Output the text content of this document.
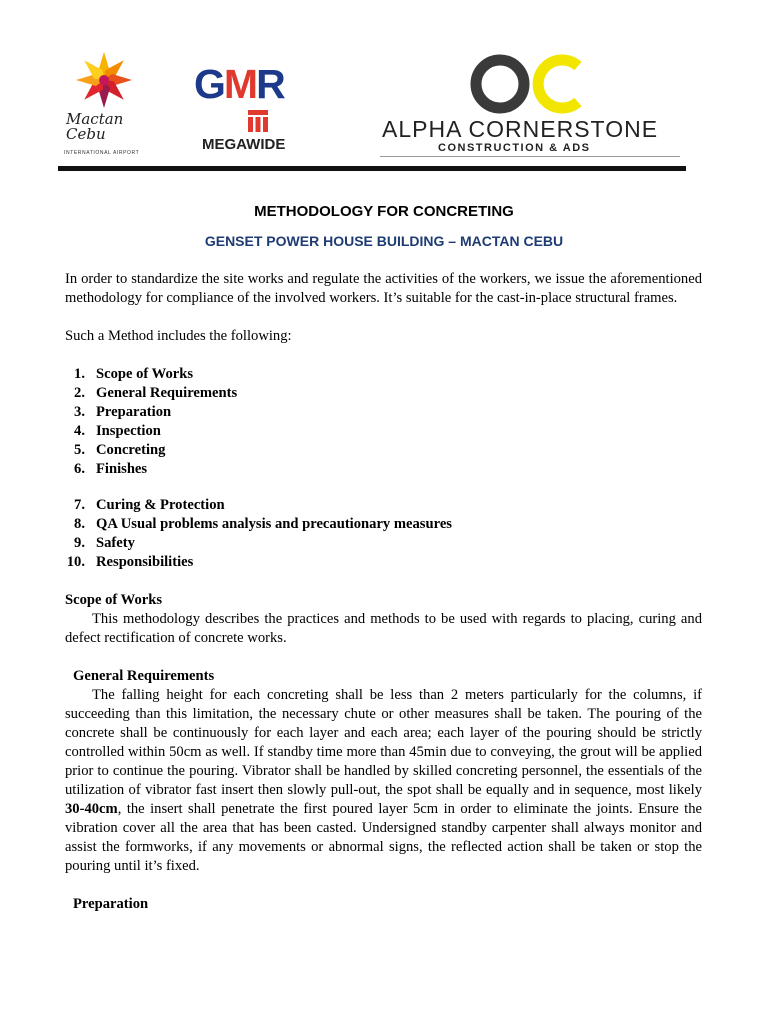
Mactan Cebu
INTERNATIONAL AIRPORT
GMR
MEGAWIDE
ALPHA CORNERSTONE
CONSTRUCTION & ADS
METHODOLOGY FOR CONCRETING
GENSET POWER HOUSE BUILDING – MACTAN CEBU

In order to standardize the site works and regulate the activities of the workers, we issue the aforementioned methodology for compliance of the involved workers. It’s suitable for the cast-in-place structural frames.

Such a Method includes the following:

1. Scope of Works
2. General Requirements
3. Preparation
4. Inspection
5. Concreting
6. Finishes
7. Curing & Protection
8. QA Usual problems analysis and precautionary measures
9. Safety
10. Responsibilities

Scope of Works

This methodology describes the practices and methods to be used with regards to placing, curing and defect rectification of concrete works.

General Requirements

The falling height for each concreting shall be less than 2 meters particularly for the columns, if succeeding than this limitation, the necessary chute or other measures shall be taken. The pouring of the concrete shall be continuously for each layer and each area; each layer of the pouring should be strictly controlled within 50cm as well. If standby time more than 45min due to conveying, the grout will be applied prior to continue the pouring. Vibrator shall be handled by skilled concreting personnel, the essentials of the utilization of vibrator fast insert then slowly pull-out, the spot shall be equally and in sequence, most likely 30-40cm, the insert shall penetrate the first poured layer 5cm in order to eliminate the joints. Ensure the vibration cover all the area that has been casted. Undersigned standby carpenter shall always monitor and assist the formworks, if any movements or abnormal signs, the reflected action shall be taken or stop the pouring until it’s fixed.

Preparation
